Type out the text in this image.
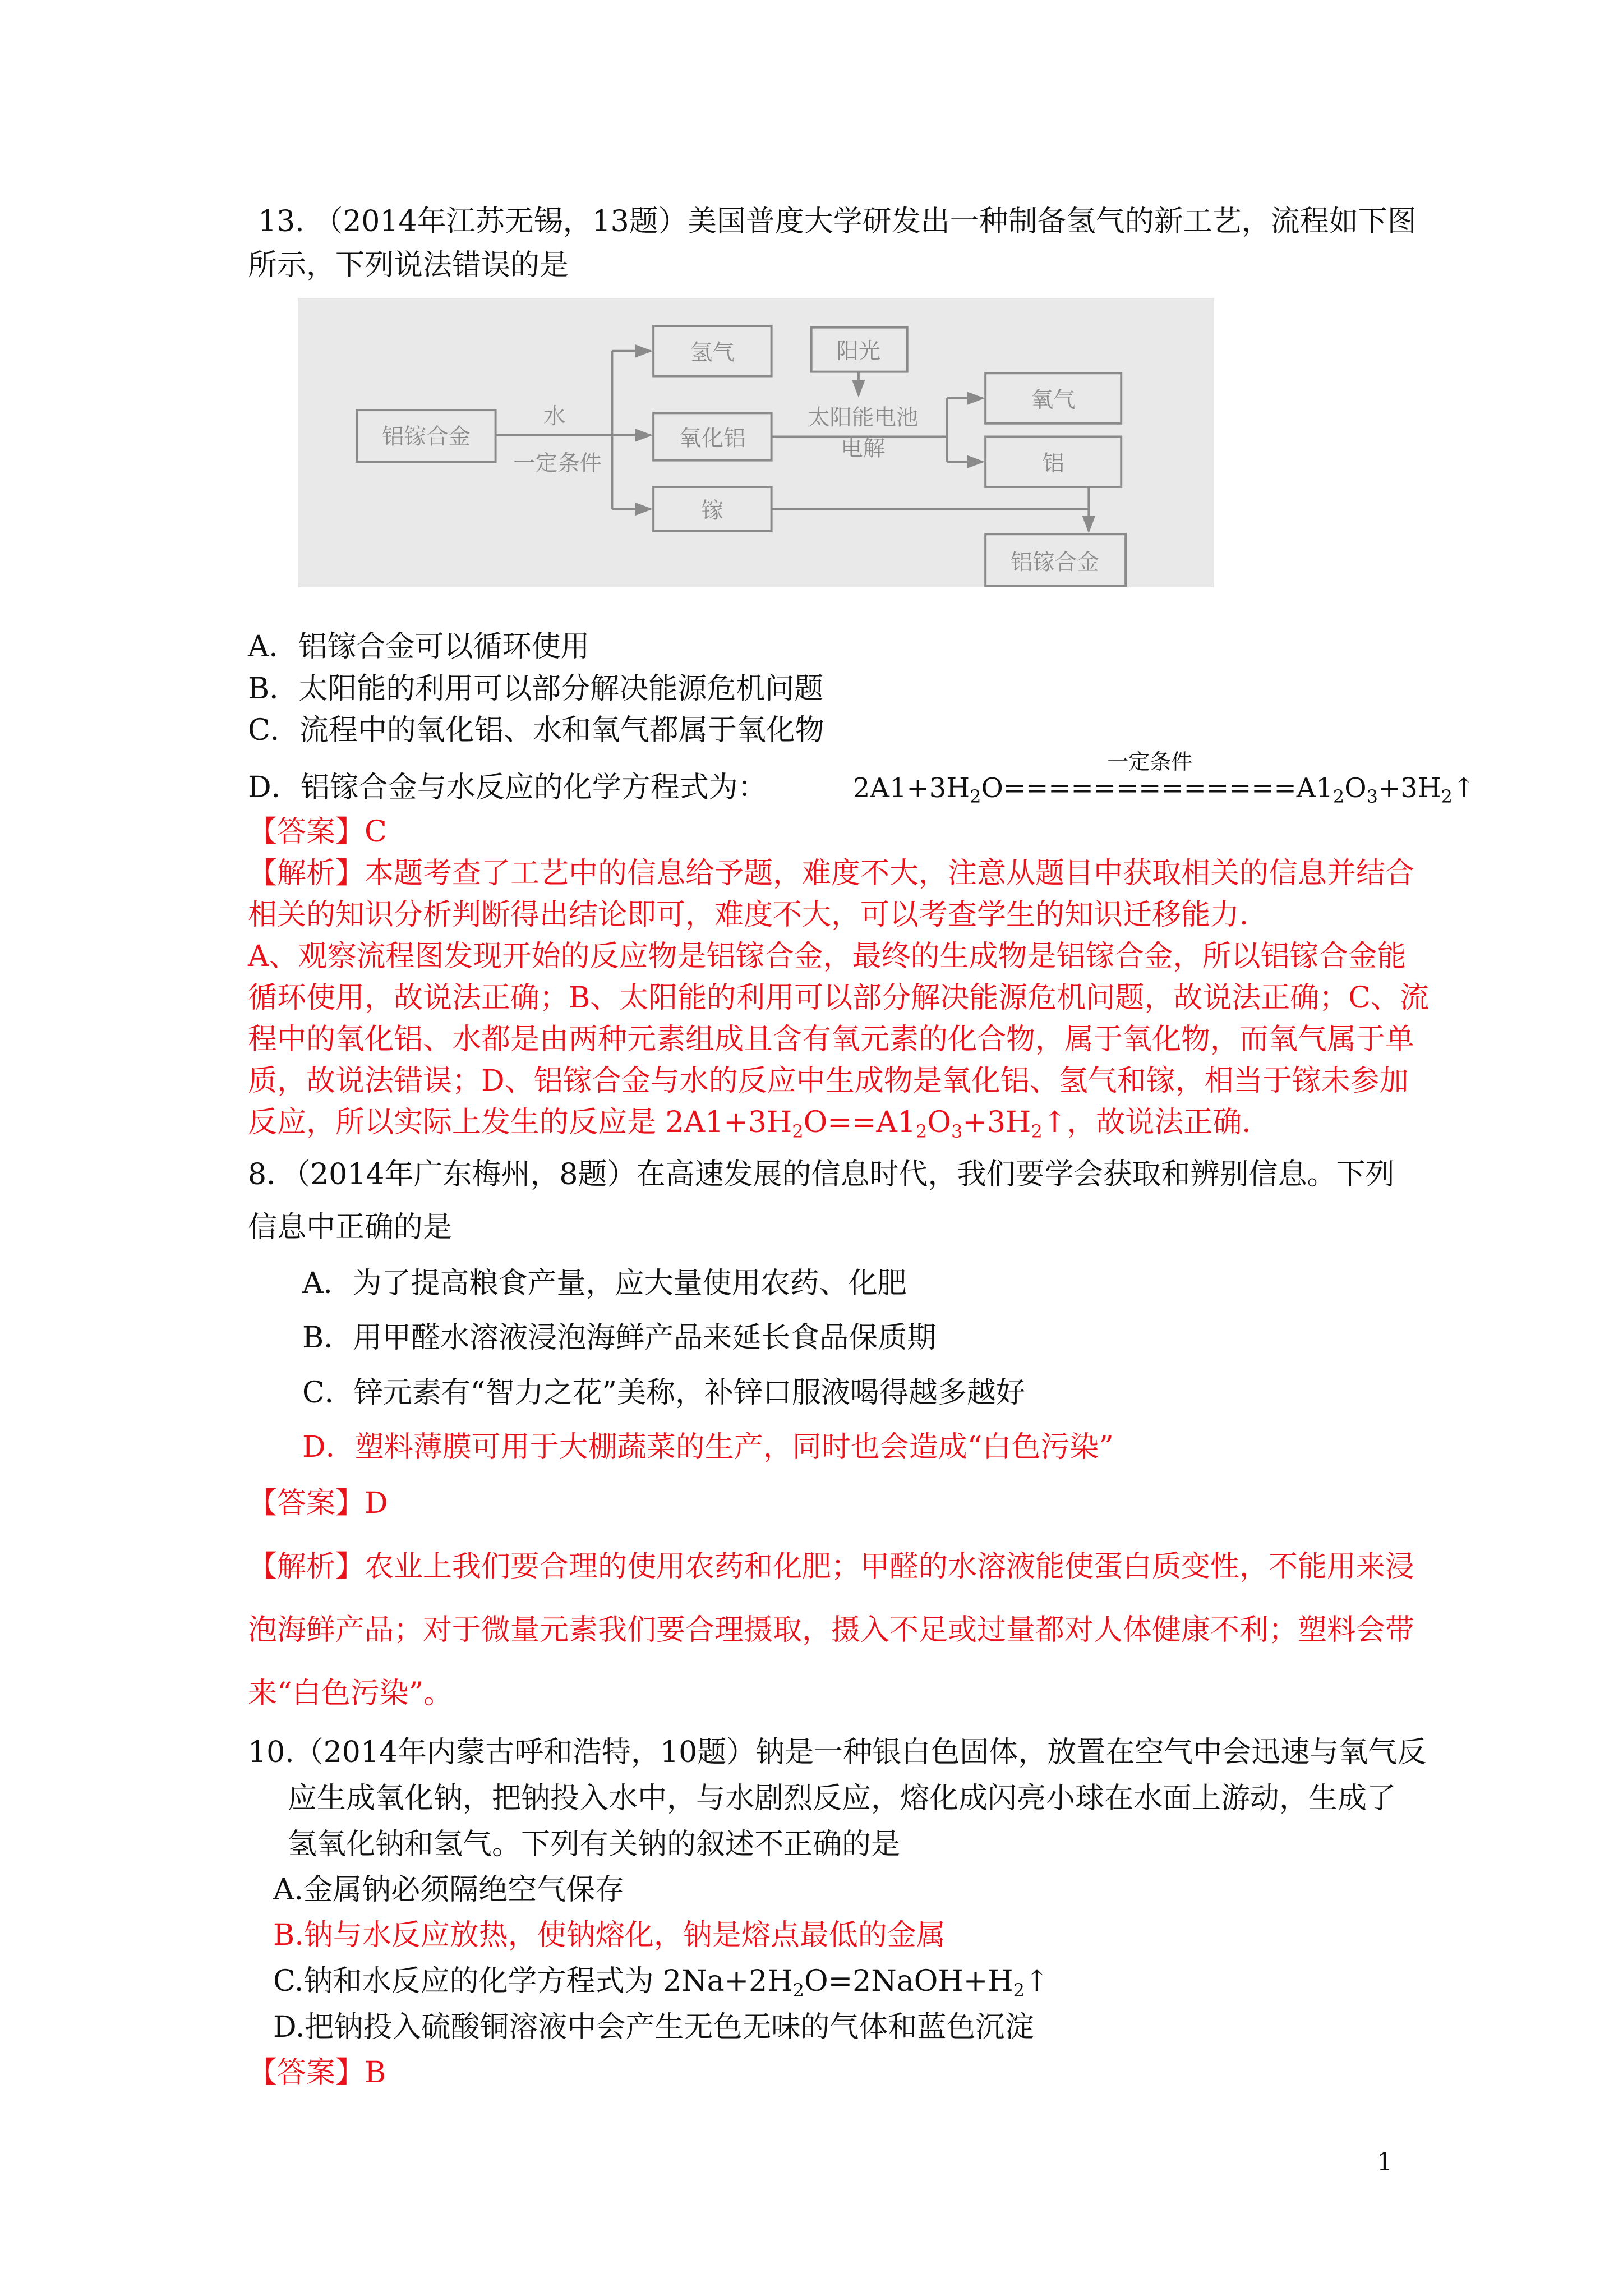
13. （2014年江苏无锡，13题）美国普度大学研发出一种制备氢气的新工艺，流程如下图
所示，下列说法错误的是
铝镓合金
氢气
氧化铝
镓
阳光
氧气
铝
铝镓合金
水
一定条件
太阳能电池
电解
A．铝镓合金可以循环使用
B．太阳能的利用可以部分解决能源危机问题
C．流程中的氧化铝、水和氧气都属于氧化物
D．铝镓合金与水反应的化学方程式为：	$2A1+3H_2O$
一定条件
$=============A1_2O_3+3H_2↑$
【答案】C
【解析】本题考查了工艺中的信息给予题，难度不大，注意从题目中获取相关的信息并结合
相关的知识分析判断得出结论即可，难度不大，可以考查学生的知识迁移能力．
A、观察流程图发现开始的反应物是铝镓合金，最终的生成物是铝镓合金，所以铝镓合金能
循环使用，故说法正确；B、太阳能的利用可以部分解决能源危机问题，故说法正确；C、流
程中的氧化铝、水都是由两种元素组成且含有氧元素的化合物，属于氧化物，而氧气属于单
质，故说法错误；D、铝镓合金与水的反应中生成物是氧化铝、氢气和镓，相当于镓未参加
反应，所以实际上发生的反应是 $2A1+3H_2O==A1_2O_3+3H_2↑$，故说法正确．
8．（2014年广东梅州，8题）在高速发展的信息时代，我们要学会获取和辨别信息。下列
信息中正确的是
A．为了提高粮食产量，应大量使用农药、化肥
B．用甲醛水溶液浸泡海鲜产品来延长食品保质期
C．锌元素有“智力之花”美称，补锌口服液喝得越多越好
D．塑料薄膜可用于大棚蔬菜的生产，同时也会造成“白色污染”
【答案】D
【解析】农业上我们要合理的使用农药和化肥；甲醛的水溶液能使蛋白质变性，不能用来浸
泡海鲜产品；对于微量元素我们要合理摄取，摄入不足或过量都对人体健康不利；塑料会带
来“白色污染”。
10.（2014年内蒙古呼和浩特，10题）钠是一种银白色固体，放置在空气中会迅速与氧气反
应生成氧化钠，把钠投入水中，与水剧烈反应，熔化成闪亮小球在水面上游动，生成了
氢氧化钠和氢气。下列有关钠的叙述不正确的是
A.金属钠必须隔绝空气保存
B.钠与水反应放热，使钠熔化，钠是熔点最低的金属
C.钠和水反应的化学方程式为 $2Na+2H_2O=2NaOH+H_2↑$
D.把钠投入硫酸铜溶液中会产生无色无味的气体和蓝色沉淀
【答案】B
1
